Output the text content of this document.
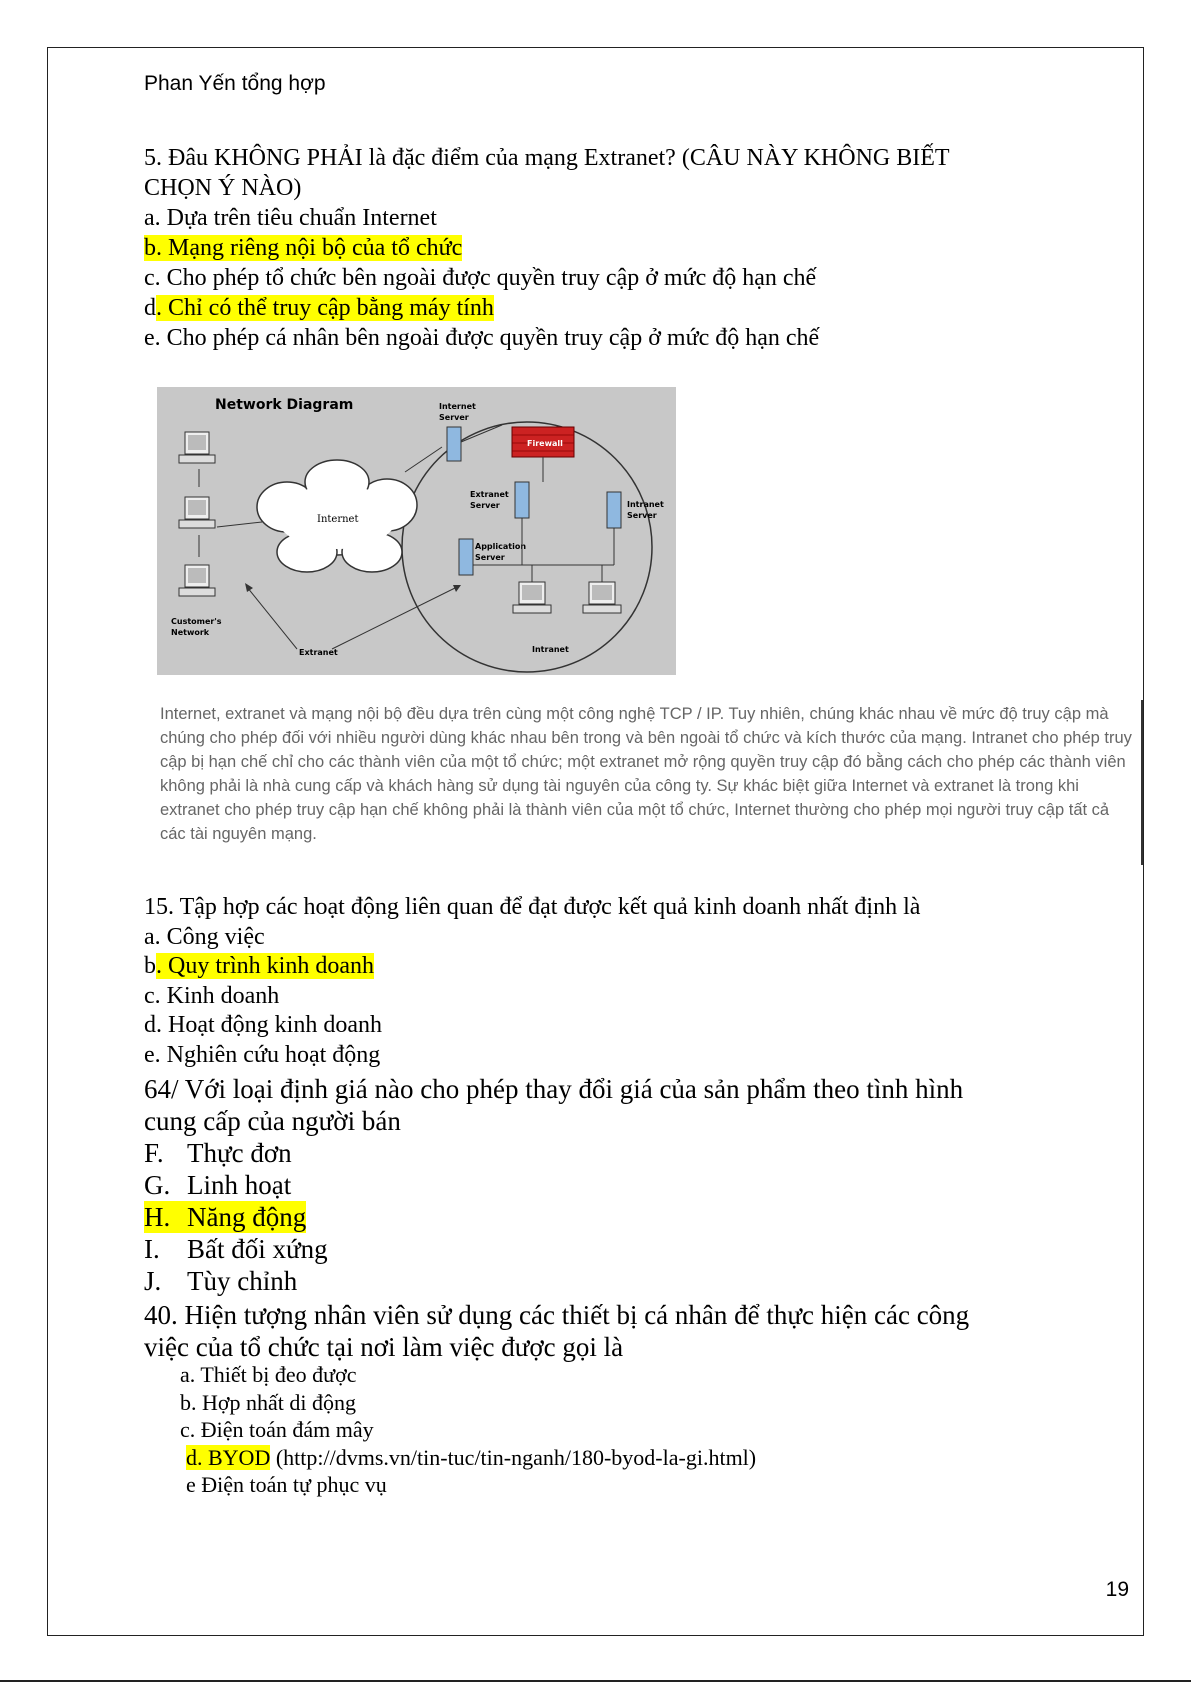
Phan Yến tổng hợp
5. Đâu KHÔNG PHẢI là đặc điểm của mạng Extranet? (CÂU NÀY KHÔNG BIẾT
CHỌN Ý NÀO)
a. Dựa trên tiêu chuẩn Internet
b. Mạng riêng nội bộ của tổ chức
c. Cho phép tổ chức bên ngoài được quyền truy cập ở mức độ hạn chế
d. Chỉ có thể truy cập bằng máy tính
e. Cho phép cá nhân bên ngoài được quyền truy cập ở mức độ hạn chế
Network Diagram
Internet
Customer's
Network
Internet
Server
Firewall
Extranet
Server	Intranet
Server
Application
Server
Intranet
Extranet
Internet, extranet và mạng nội bộ đều dựa trên cùng một công nghệ TCP / IP. Tuy nhiên, chúng khác nhau về mức độ truy cập mà
chúng cho phép đối với nhiều người dùng khác nhau bên trong và bên ngoài tổ chức và kích thước của mạng. Intranet cho phép truy
cập bị hạn chế chỉ cho các thành viên của một tổ chức; một extranet mở rộng quyền truy cập đó bằng cách cho phép các thành viên
không phải là nhà cung cấp và khách hàng sử dụng tài nguyên của công ty. Sự khác biệt giữa Internet và extranet là trong khi
extranet cho phép truy cập hạn chế không phải là thành viên của một tổ chức, Internet thường cho phép mọi người truy cập tất cả
các tài nguyên mạng.
15. Tập hợp các hoạt động liên quan để đạt được kết quả kinh doanh nhất định là
a. Công việc
b. Quy trình kinh doanh
c. Kinh doanh
d. Hoạt động kinh doanh
e. Nghiên cứu hoạt động
64/ Với loại định giá nào cho phép thay đổi giá của sản phẩm theo tình hình
cung cấp của người bán
F. Thực đơn
G. Linh hoạt
H. Năng động
I.	Bất đối xứng
J. Tùy chỉnh
40. Hiện tượng nhân viên sử dụng các thiết bị cá nhân để thực hiện các công
việc của tổ chức tại nơi làm việc được gọi là
a. Thiết bị đeo được
b. Hợp nhất di động
c. Điện toán đám mây
d. BYOD (http://dvms.vn/tin-tuc/tin-nganh/180-byod-la-gi.html)
e Điện toán tự phục vụ
19
